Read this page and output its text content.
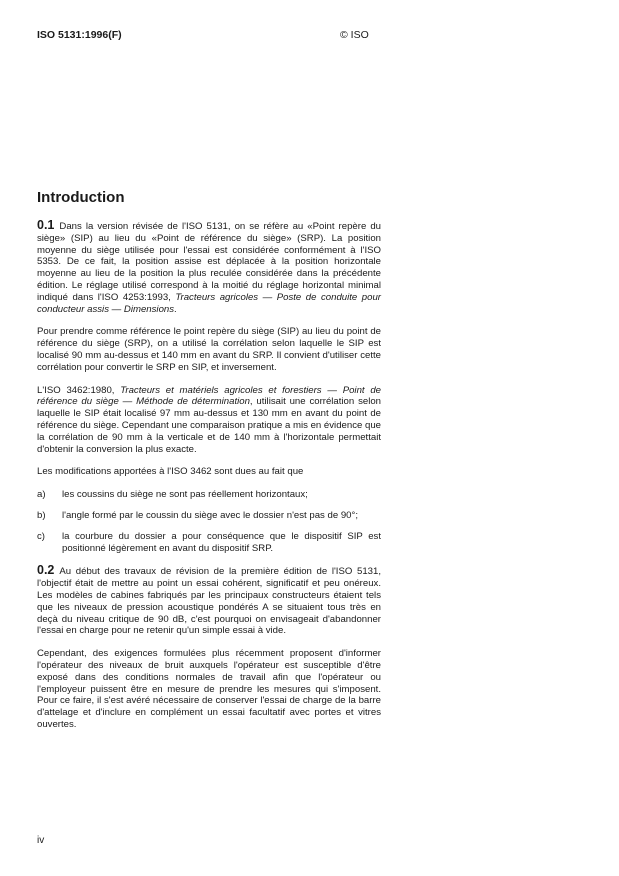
ISO 5131:1996(F)	© ISO
Introduction

0.1 Dans la version révisée de l'ISO 5131, on se réfère au «Point repère du siège» (SIP) au lieu du «Point de référence du siège» (SRP). La position moyenne du siège utilisée pour l'essai est considérée conformément à l'ISO 5353. De ce fait, la position assise est déplacée à la position horizontale moyenne au lieu de la position la plus reculée considérée dans la précédente édition. Le réglage utilisé correspond à la moitié du réglage horizontal minimal indiqué dans l'ISO 4253:1993, Tracteurs agricoles — Poste de conduite pour conducteur assis — Dimensions.

Pour prendre comme référence le point repère du siège (SIP) au lieu du point de référence du siège (SRP), on a utilisé la corrélation selon laquelle le SIP est localisé 90 mm au-dessus et 140 mm en avant du SRP. Il convient d'utiliser cette corrélation pour convertir le SRP en SIP, et inversement.

L'ISO 3462:1980, Tracteurs et matériels agricoles et forestiers — Point de référence du siège — Méthode de détermination, utilisait une corrélation selon laquelle le SIP était localisé 97 mm au-dessus et 130 mm en avant du point de référence du siège. Cependant une comparaison pratique a mis en évidence que la corrélation de 90 mm à la verticale et de 140 mm à l'horizontale permettait d'obtenir la conversion la plus exacte.

Les modifications apportées à l'ISO 3462 sont dues au fait que

a)	les coussins du siège ne sont pas réellement horizontaux;
b)	l'angle formé par le coussin du siège avec le dossier n'est pas de 90°;
c)	la courbure du dossier a pour conséquence que le dispositif SIP est positionné légèrement en avant du dispositif SRP.

0.2 Au début des travaux de révision de la première édition de l'ISO 5131, l'objectif était de mettre au point un essai cohérent, significatif et peu onéreux. Les modèles de cabines fabriqués par les principaux constructeurs étaient tels que les niveaux de pression acoustique pondérés A se situaient tous très en deçà du niveau critique de 90 dB, c'est pourquoi on envisageait d'abandonner l'essai en charge pour ne retenir qu'un simple essai à vide.

Cependant, des exigences formulées plus récemment proposent d'informer l'opérateur des niveaux de bruit auxquels l'opérateur est susceptible d'être exposé dans des conditions normales de travail afin que l'opérateur ou l'employeur puissent être en mesure de prendre les mesures qui s'imposent. Pour ce faire, il s'est avéré nécessaire de conserver l'essai de charge de la barre d'attelage et d'inclure en complément un essai facultatif avec portes et vitres ouvertes.

iv
